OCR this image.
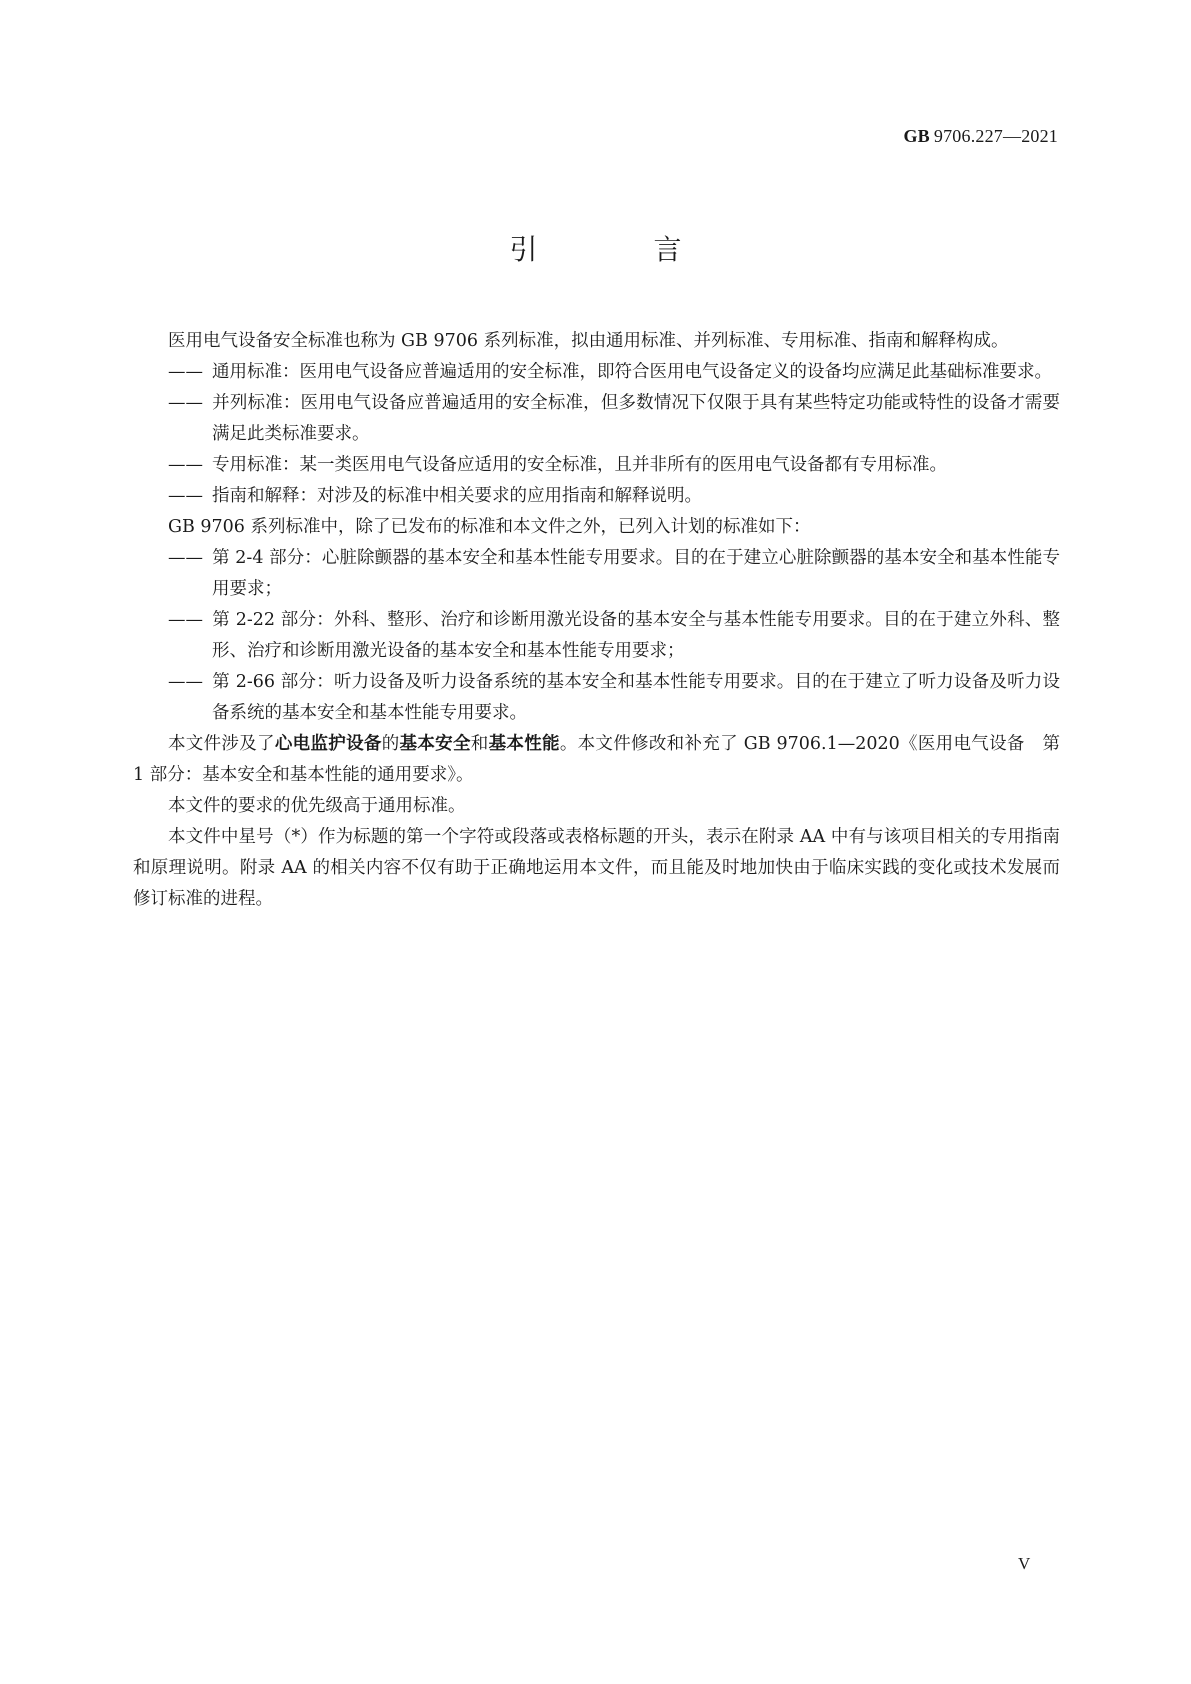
GB 9706.227—2021
引　言

医用电气设备安全标准也称为 GB 9706 系列标准，拟由通用标准、并列标准、专用标准、指南和解释构成。

—— 通用标准：医用电气设备应普遍适用的安全标准，即符合医用电气设备定义的设备均应满足此基础标准要求。

—— 并列标准：医用电气设备应普遍适用的安全标准，但多数情况下仅限于具有某些特定功能或特性的设备才需要满足此类标准要求。

—— 专用标准：某一类医用电气设备应适用的安全标准，且并非所有的医用电气设备都有专用标准。

—— 指南和解释：对涉及的标准中相关要求的应用指南和解释说明。

GB 9706 系列标准中，除了已发布的标准和本文件之外，已列入计划的标准如下：

—— 第 2-4 部分：心脏除颤器的基本安全和基本性能专用要求。目的在于建立心脏除颤器的基本安全和基本性能专用要求；

—— 第 2-22 部分：外科、整形、治疗和诊断用激光设备的基本安全与基本性能专用要求。目的在于建立外科、整形、治疗和诊断用激光设备的基本安全和基本性能专用要求；

—— 第 2-66 部分：听力设备及听力设备系统的基本安全和基本性能专用要求。目的在于建立了听力设备及听力设备系统的基本安全和基本性能专用要求。

本文件涉及了心电监护设备的基本安全和基本性能。本文件修改和补充了 GB 9706.1—2020《医用电气设备　第 1 部分：基本安全和基本性能的通用要求》。

本文件的要求的优先级高于通用标准。

本文件中星号（*）作为标题的第一个字符或段落或表格标题的开头，表示在附录 AA 中有与该项目相关的专用指南和原理说明。附录 AA 的相关内容不仅有助于正确地运用本文件，而且能及时地加快由于临床实践的变化或技术发展而修订标准的进程。

V
